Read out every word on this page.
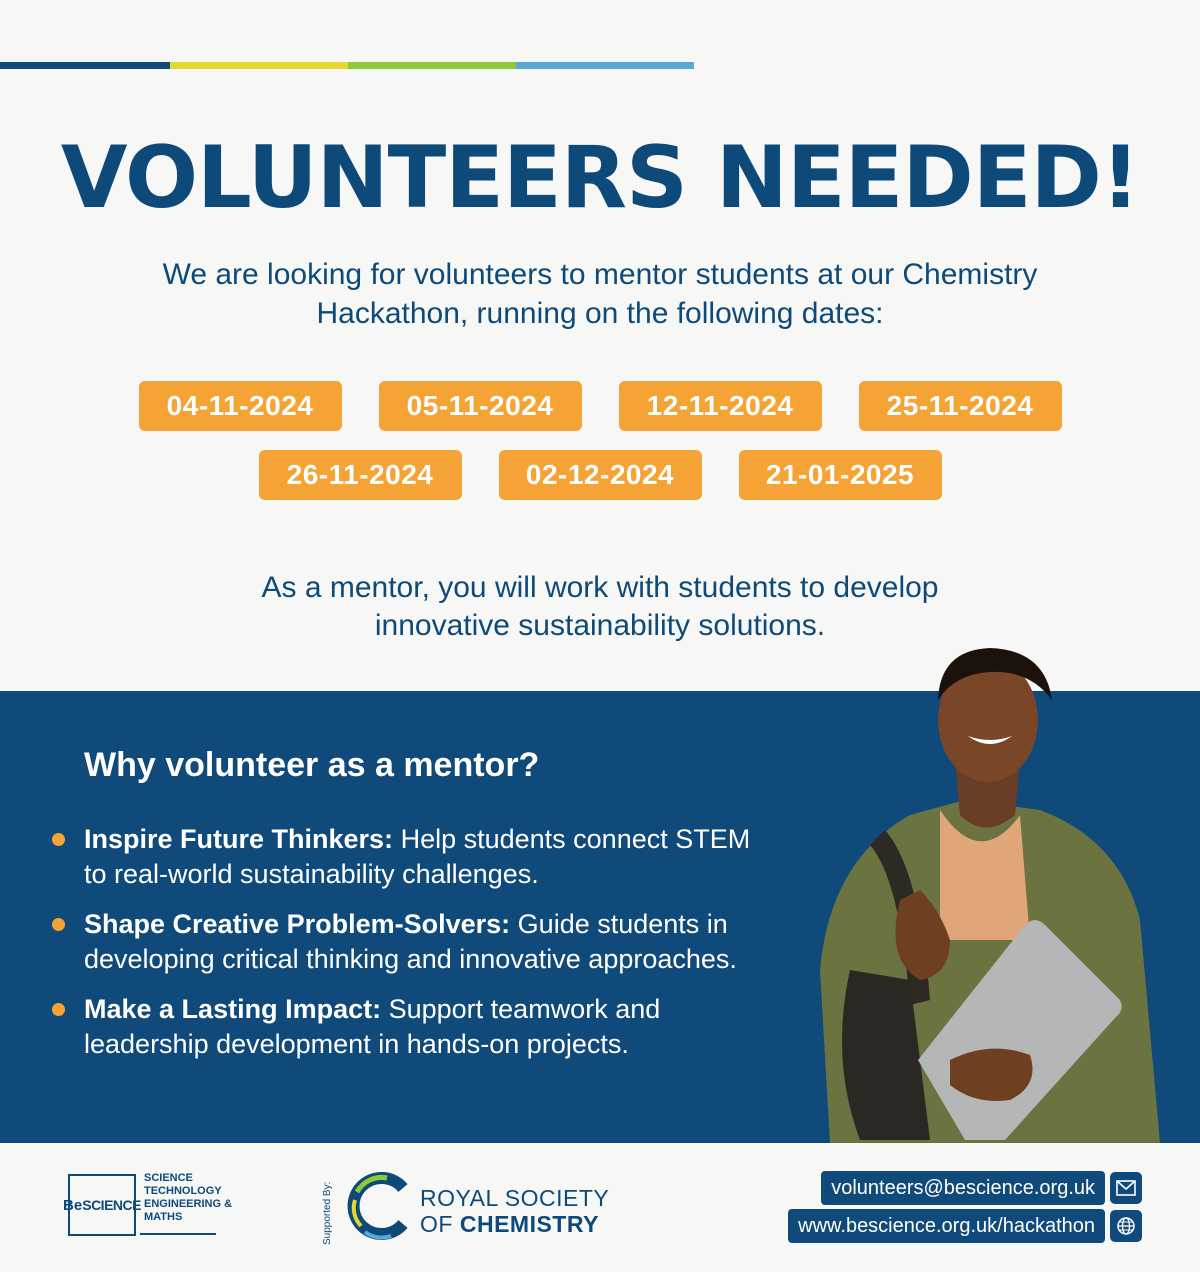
VOLUNTEERS NEEDED!

We are looking for volunteers to mentor students at our Chemistry Hackathon, running on the following dates:

04-11-2024	05-11-2024	12-11-2024	25-11-2024
26-11-2024	02-12-2024	21-01-2025

As a mentor, you will work with students to develop innovative sustainability solutions.

Why volunteer as a mentor?
Inspire Future Thinkers: Help students connect STEM to real-world sustainability challenges.
Shape Creative Problem-Solvers: Guide students in developing critical thinking and innovative approaches.
Make a Lasting Impact: Support teamwork and leadership development in hands-on projects.
Be SCIENCE
SCIENCE
TECHNOLOGY
ENGINEERING &
MATHS	Supported By:	ROYAL SOCIETY
OF CHEMISTRY
volunteers@bescience.org.uk
www.bescience.org.uk/hackathon
